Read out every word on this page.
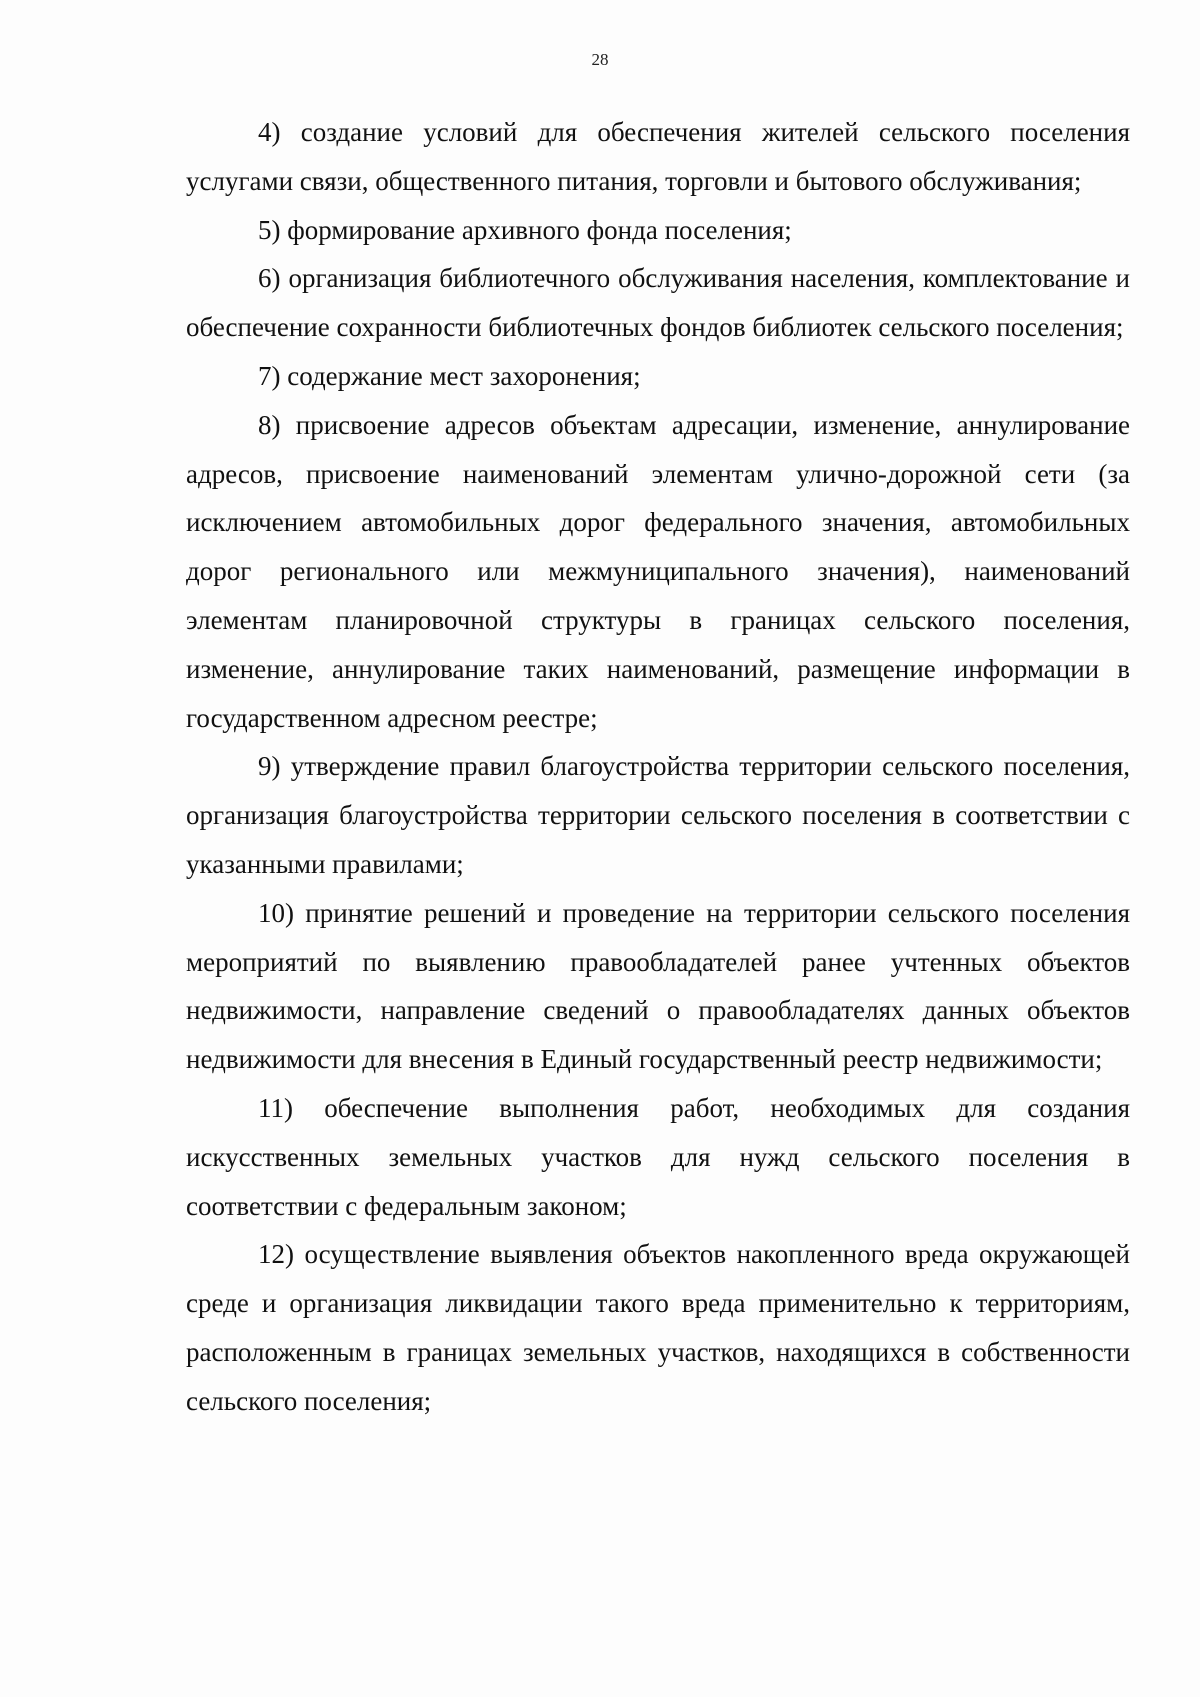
28

4) создание условий для обеспечения жителей сельского поселения услугами связи, общественного питания, торговли и бытового обслуживания;

5) формирование архивного фонда поселения;

6) организация библиотечного обслуживания населения, комплектование и обеспечение сохранности библиотечных фондов библиотек сельского поселения;

7) содержание мест захоронения;

8) присвоение адресов объектам адресации, изменение, аннулирование адресов, присвоение наименований элементам улично-дорожной сети (за исключением автомобильных дорог федерального значения, автомобильных дорог регионального или межмуниципального значения), наименований элементам планировочной структуры в границах сельского поселения, изменение, аннулирование таких наименований, размещение информации в государственном адресном реестре;

9) утверждение правил благоустройства территории сельского поселения, организация благоустройства территории сельского поселения в соответствии с указанными правилами;

10) принятие решений и проведение на территории сельского поселения мероприятий по выявлению правообладателей ранее учтенных объектов недвижимости, направление сведений о правообладателях данных объектов недвижимости для внесения в Единый государственный реестр недвижимости;

11) обеспечение выполнения работ, необходимых для создания искусственных земельных участков для нужд сельского поселения в соответствии с федеральным законом;

12) осуществление выявления объектов накопленного вреда окружающей среде и организация ликвидации такого вреда применительно к территориям, расположенным в границах земельных участков, находящихся в собственности сельского поселения;
